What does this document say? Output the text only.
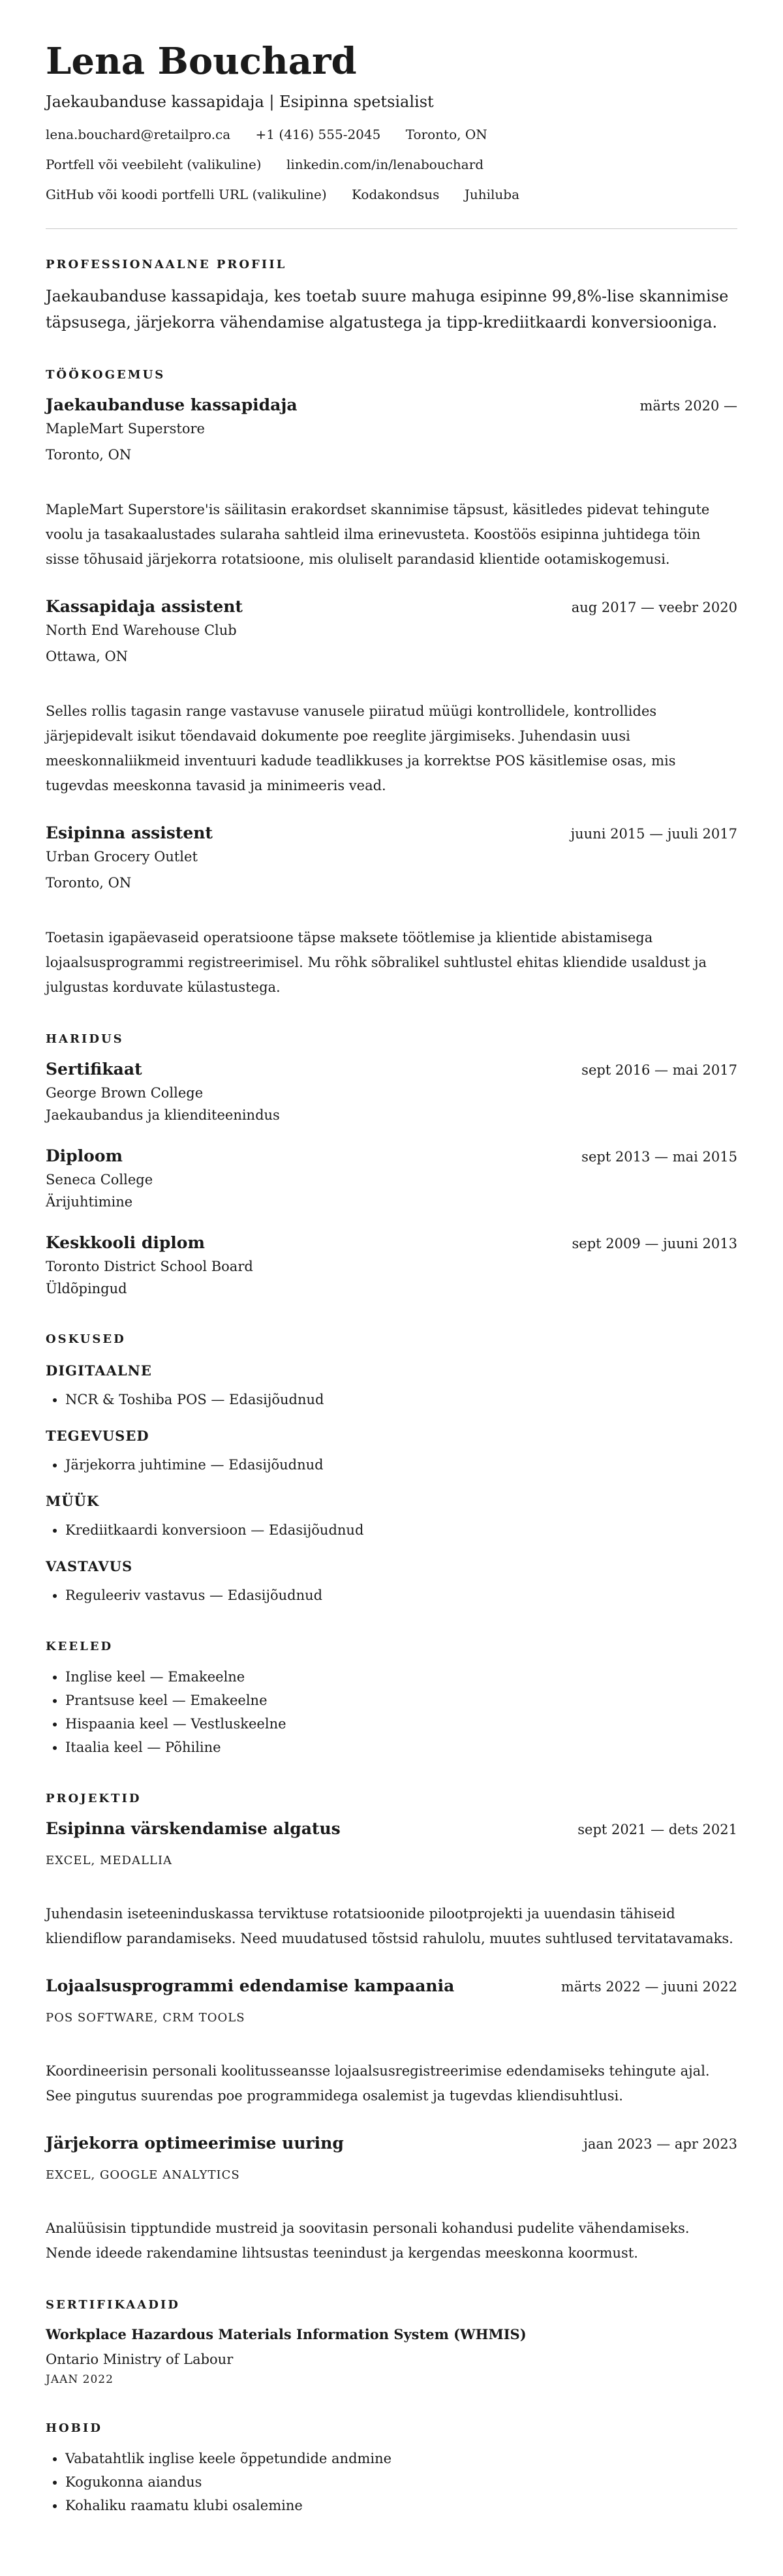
Lena Bouchard
Jaekaubanduse kassapidaja | Esipinna spetsialist
lena.bouchard@retailpro.ca +1 (416) 555-2045 Toronto, ON
Portfell või veebileht (valikuline) linkedin.com/in/lenabouchard
GitHub või koodi portfelli URL (valikuline) Kodakondsus Juhiluba
PROFESSIONAALNE PROFIIL
Jaekaubanduse kassapidaja, kes toetab suure mahuga esipinne 99,8%-lise skannimise täpsusega, järjekorra vähendamise algatustega ja tipp-krediitkaardi konversiooniga.
TÖÖKOGEMUS
Jaekaubanduse kassapidaja	märts 2020 —
MapleMart Superstore
Toronto, ON
MapleMart Superstore'is säilitasin erakordset skannimise täpsust, käsitledes pidevat tehingute voolu ja tasakaalustades sularaha sahtleid ilma erinevusteta. Koostöös esipinna juhtidega töin sisse tõhusaid järjekorra rotatsioone, mis oluliselt parandasid klientide ootamiskogemusi.
Kassapidaja assistent	aug 2017 — veebr 2020
North End Warehouse Club
Ottawa, ON
Selles rollis tagasin range vastavuse vanusele piiratud müügi kontrollidele, kontrollides järjepidevalt isikut tõendavaid dokumente poe reeglite järgimiseks. Juhendasin uusi meeskonnaliikmeid inventuuri kadude teadlikkuses ja korrektse POS käsitlemise osas, mis tugevdas meeskonna tavasid ja minimeeris vead.
Esipinna assistent	juuni 2015 — juuli 2017
Urban Grocery Outlet
Toronto, ON
Toetasin igapäevaseid operatsioone täpse maksete töötlemise ja klientide abistamisega lojaalsusprogrammi registreerimisel. Mu rõhk sõbralikel suhtlustel ehitas kliendide usaldust ja julgustas korduvate külastustega.
HARIDUS
Sertifikaat	sept 2016 — mai 2017
George Brown College
Jaekaubandus ja klienditeenindus
Diploom	sept 2013 — mai 2015
Seneca College
Ärijuhtimine
Keskkooli diplom	sept 2009 — juuni 2013
Toronto District School Board
Üldõpingud
OSKUSED
DIGITAALNE
• NCR & Toshiba POS — Edasijõudnud
TEGEVUSED
• Järjekorra juhtimine — Edasijõudnud
MÜÜK
• Krediitkaardi konversioon — Edasijõudnud
VASTAVUS
• Reguleeriv vastavus — Edasijõudnud
KEELED
• Inglise keel — Emakeelne
• Prantsuse keel — Emakeelne
• Hispaania keel — Vestluskeelne
• Itaalia keel — Põhiline
PROJEKTID
Esipinna värskendamise algatus	sept 2021 — dets 2021
EXCEL, MEDALLIA
Juhendasin iseteeninduskassa terviktuse rotatsioonide pilootprojekti ja uuendasin tähiseid kliendiflow parandamiseks. Need muudatused tõstsid rahulolu, muutes suhtlused tervitatavamaks.
Lojaalsusprogrammi edendamise kampaania	märts 2022 — juuni 2022
POS SOFTWARE, CRM TOOLS
Koordineerisin personali koolitusseansse lojaalsusregistreerimise edendamiseks tehingute ajal. See pingutus suurendas poe programmidega osalemist ja tugevdas kliendisuhtlusi.
Järjekorra optimeerimise uuring	jaan 2023 — apr 2023
EXCEL, GOOGLE ANALYTICS
Analüüsisin tipptundide mustreid ja soovitasin personali kohandusi pudelite vähendamiseks. Nende ideede rakendamine lihtsustas teenindust ja kergendas meeskonna koormust.
SERTIFIKAADID
Workplace Hazardous Materials Information System (WHMIS)
Ontario Ministry of Labour
JAAN 2022
HOBID
• Vabatahtlik inglise keele õppetundide andmine
• Kogukonna aiandus
• Kohaliku raamatu klubi osalemine
